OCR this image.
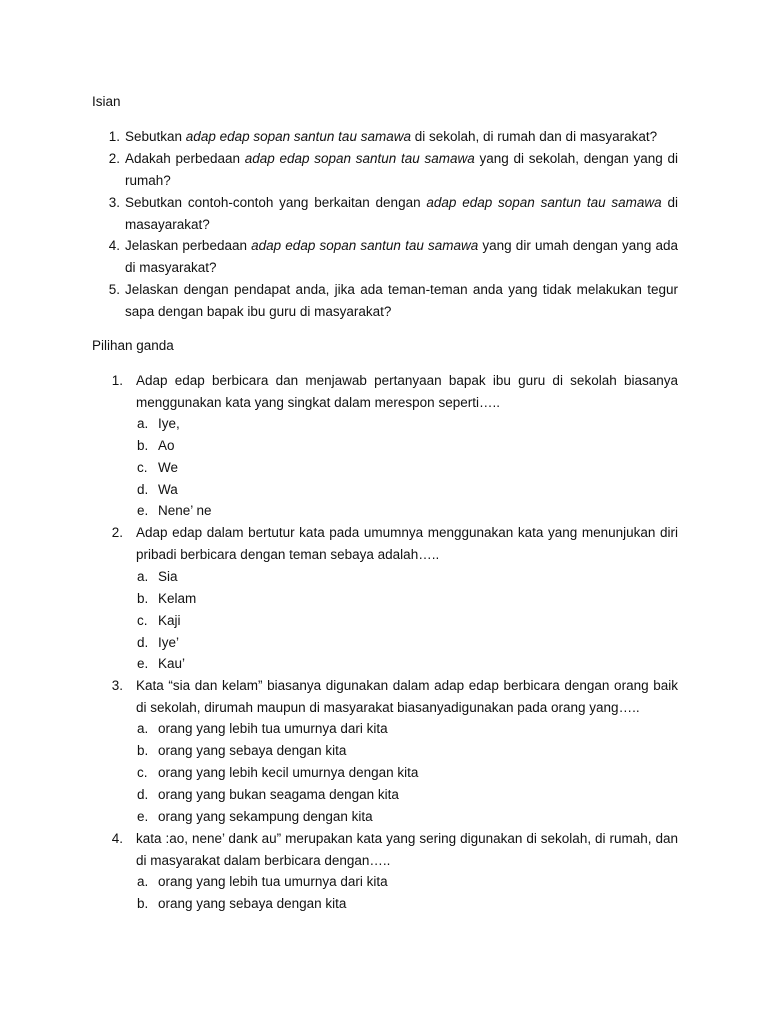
Isian
1. Sebutkan adap edap sopan santun tau samawa di sekolah, di rumah dan di masyarakat?
2. Adakah perbedaan adap edap sopan santun tau samawa yang di sekolah, dengan yang di rumah?
3. Sebutkan contoh-contoh yang berkaitan dengan adap edap sopan santun tau samawa di masayarakat?
4. Jelaskan perbedaan adap edap sopan santun tau samawa yang dir umah dengan yang ada di masyarakat?
5. Jelaskan dengan pendapat anda, jika ada teman-teman anda yang tidak melakukan tegur sapa dengan bapak ibu guru di masyarakat?
Pilihan ganda
1. Adap edap berbicara dan menjawab pertanyaan bapak ibu guru di sekolah biasanya menggunakan kata yang singkat dalam merespon seperti…..
a. Iye,
b. Ao
c. We
d. Wa
e. Nene’ ne
2. Adap edap dalam bertutur kata pada umumnya menggunakan kata yang menunjukan diri pribadi berbicara dengan teman sebaya adalah…..
a. Sia
b. Kelam
c. Kaji
d. Iye’
e. Kau’
3. Kata “sia dan kelam” biasanya digunakan dalam adap edap berbicara dengan orang baik di sekolah, dirumah maupun di masyarakat biasanyadigunakan pada orang yang…..
a. orang yang lebih tua umurnya dari kita
b. orang yang sebaya dengan kita
c. orang yang lebih kecil umurnya dengan kita
d. orang yang bukan seagama dengan kita
e. orang yang sekampung dengan kita
4. kata :ao, nene’ dank au” merupakan kata yang sering digunakan di sekolah, di rumah, dan di masyarakat dalam berbicara dengan…..
a. orang yang lebih tua umurnya dari kita
b. orang yang sebaya dengan kita
